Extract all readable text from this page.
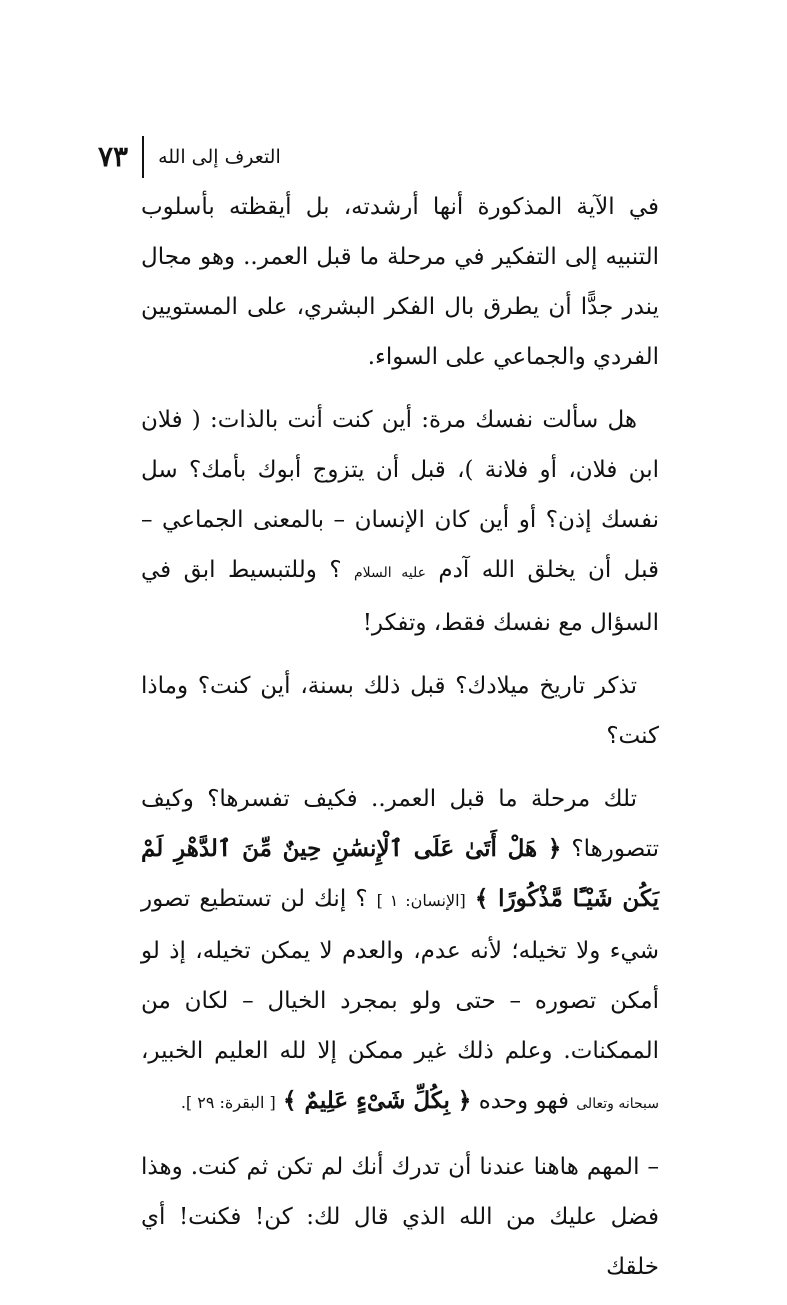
٧٣ التعرف إلى الله

في الآية المذكورة أنها أرشدته، بل أيقظته بأسلوب التنبيه إلى التفكير في مرحلة ما قبل العمر.. وهو مجال يندر جدًّا أن يطرق بال الفكر البشري، على المستويين الفردي والجماعي على السواء.

هل سألت نفسك مرة: أين كنت أنت بالذات: ( فلان ابن فلان، أو فلانة )، قبل أن يتزوج أبوك بأمك؟ سل نفسك إذن؟ أو أين كان الإنسان – بالمعنى الجماعي – قبل أن يخلق الله آدم عليه السلام ؟ وللتبسيط ابق في السؤال مع نفسك فقط، وتفكر!

تذكر تاريخ ميلادك؟ قبل ذلك بسنة، أين كنت؟ وماذا كنت؟

تلك مرحلة ما قبل العمر.. فكيف تفسرها؟ وكيف تتصورها؟ ﴿ هَلْ أَتَىٰ عَلَى ٱلْإِنسَٰنِ حِينٌ مِّنَ ٱلدَّهْرِ لَمْ يَكُن شَيْـًٔا مَّذْكُورًا ﴾ [الإنسان: ١ ] ؟ إنك لن تستطيع تصور شيء ولا تخيله؛ لأنه عدم، والعدم لا يمكن تخيله، إذ لو أمكن تصوره – حتى ولو بمجرد الخيال – لكان من الممكنات. وعلم ذلك غير ممكن إلا لله العليم الخبير، سبحانه وتعالى فهو وحده ﴿ بِكُلِّ شَىْءٍ عَلِيمٌ ﴾ [ البقرة: ٢٩ ].

– المهم هاهنا عندنا أن تدرك أنك لم تكن ثم كنت. وهذا فضل عليك من الله الذي قال لك: كن! فكنت! أي خلقك
